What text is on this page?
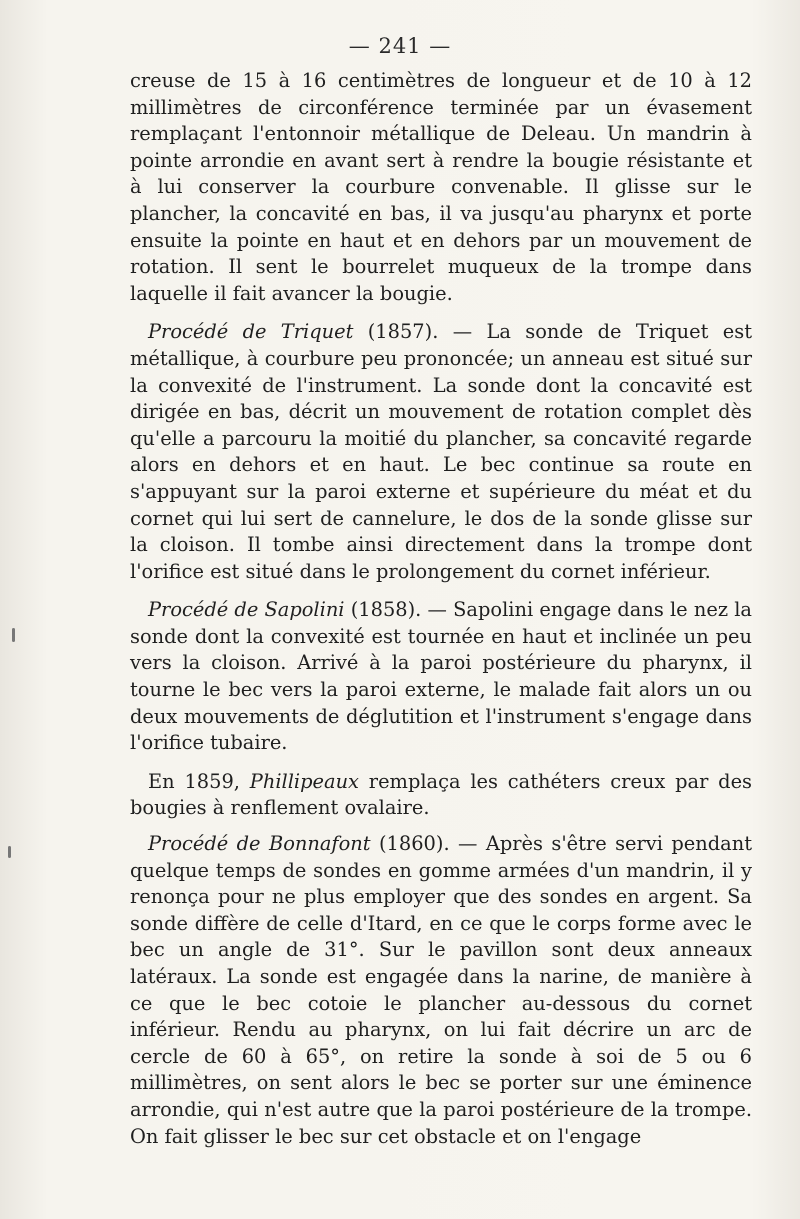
— 241 —

creuse de 15 à 16 centimètres de longueur et de 10 à 12 millimètres de circonférence terminée par un évasement remplaçant l'entonnoir métallique de Deleau. Un mandrin à pointe arrondie en avant sert à rendre la bougie résistante et à lui conserver la courbure convenable. Il glisse sur le plancher, la concavité en bas, il va jusqu'au pharynx et porte ensuite la pointe en haut et en dehors par un mouvement de rotation. Il sent le bourrelet muqueux de la trompe dans laquelle il fait avancer la bougie.

Procédé de Triquet (1857). — La sonde de Triquet est métallique, à courbure peu prononcée; un anneau est situé sur la convexité de l'instrument. La sonde dont la concavité est dirigée en bas, décrit un mouvement de rotation complet dès qu'elle a parcouru la moitié du plancher, sa concavité regarde alors en dehors et en haut. Le bec continue sa route en s'appuyant sur la paroi externe et supérieure du méat et du cornet qui lui sert de cannelure, le dos de la sonde glisse sur la cloison. Il tombe ainsi directement dans la trompe dont l'orifice est situé dans le prolongement du cornet inférieur.

Procédé de Sapolini (1858). — Sapolini engage dans le nez la sonde dont la convexité est tournée en haut et inclinée un peu vers la cloison. Arrivé à la paroi postérieure du pharynx, il tourne le bec vers la paroi externe, le malade fait alors un ou deux mouvements de déglutition et l'instrument s'engage dans l'orifice tubaire.

En 1859, Phillipeaux remplaça les cathéters creux par des bougies à renflement ovalaire.

Procédé de Bonnafont (1860). — Après s'être servi pendant quelque temps de sondes en gomme armées d'un mandrin, il y renonça pour ne plus employer que des sondes en argent. Sa sonde diffère de celle d'Itard, en ce que le corps forme avec le bec un angle de 31°. Sur le pavillon sont deux anneaux latéraux. La sonde est engagée dans la narine, de manière à ce que le bec cotoie le plancher au-dessous du cornet inférieur. Rendu au pharynx, on lui fait décrire un arc de cercle de 60 à 65°, on retire la sonde à soi de 5 ou 6 millimètres, on sent alors le bec se porter sur une éminence arrondie, qui n'est autre que la paroi postérieure de la trompe. On fait glisser le bec sur cet obstacle et on l'engage
